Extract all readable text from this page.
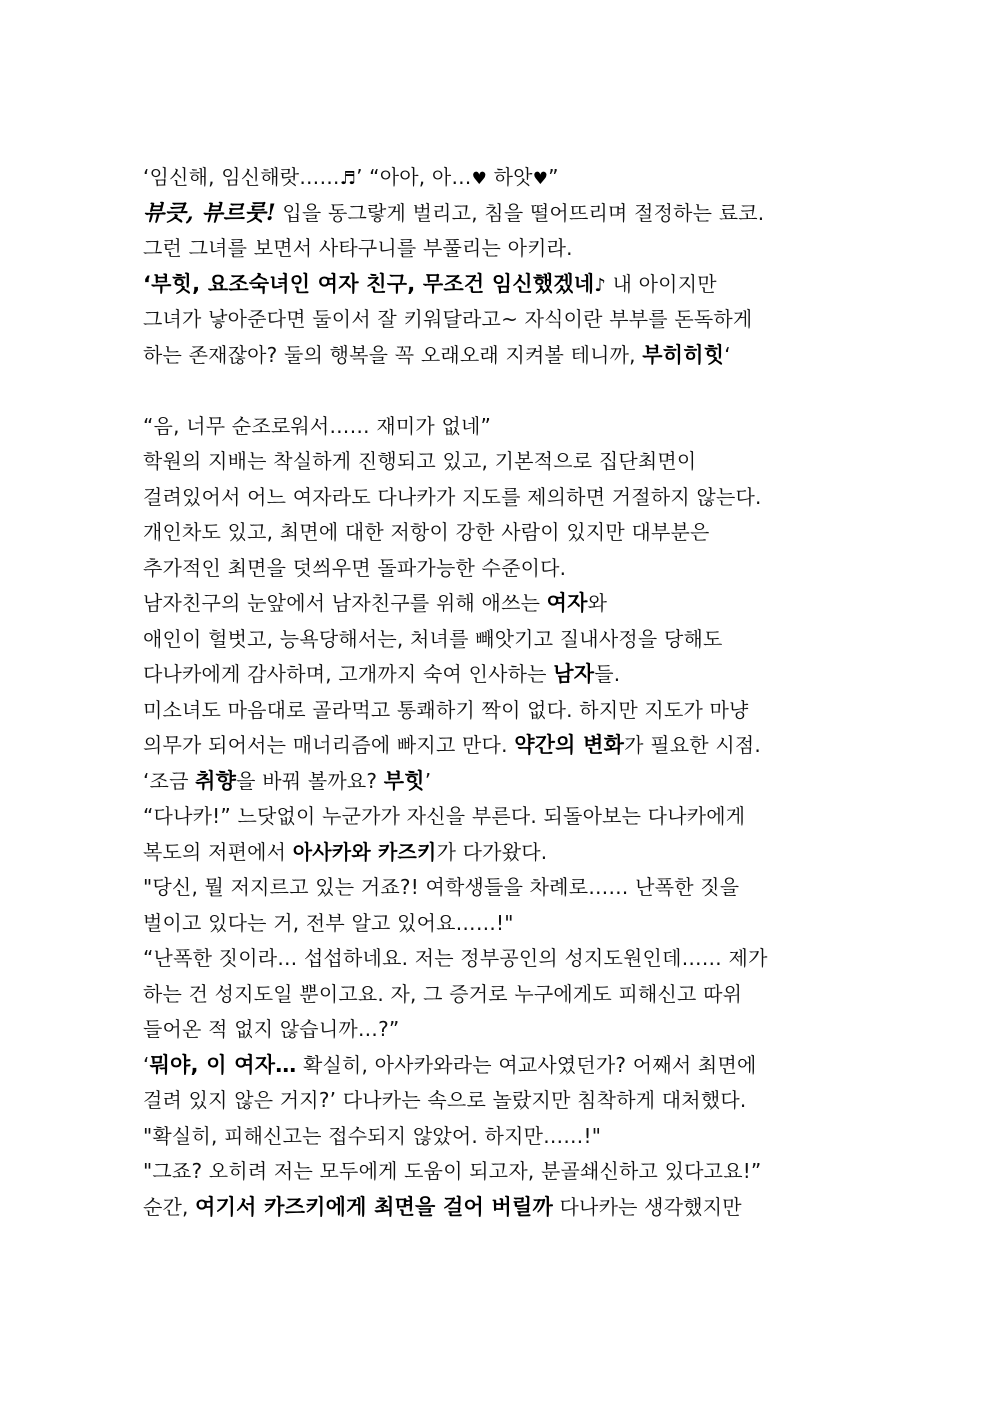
‘임신해, 임신해랏……♬’ “아아, 아…♥ 하앗♥”
뷰큿, 뷰르룻! 입을 동그랗게 벌리고, 침을 떨어뜨리며 절정하는 료코.
그런 그녀를 보면서 사타구니를 부풀리는 아키라.
‘부힛, 요조숙녀인 여자 친구, 무조건 임신했겠네♪ 내 아이지만
그녀가 낳아준다면 둘이서 잘 키워달라고~ 자식이란 부부를 돈독하게
하는 존재잖아? 둘의 행복을 꼭 오래오래 지켜볼 테니까, 부히히힛‘
“음, 너무 순조로워서…… 재미가 없네”
학원의 지배는 착실하게 진행되고 있고, 기본적으로 집단최면이
걸려있어서 어느 여자라도 다나카가 지도를 제의하면 거절하지 않는다.
개인차도 있고, 최면에 대한 저항이 강한 사람이 있지만 대부분은
추가적인 최면을 덧씌우면 돌파가능한 수준이다.
남자친구의 눈앞에서 남자친구를 위해 애쓰는 여자와
애인이 헐벗고, 능욕당해서는, 처녀를 빼앗기고 질내사정을 당해도
다나카에게 감사하며, 고개까지 숙여 인사하는 남자들.
미소녀도 마음대로 골라먹고 통쾌하기 짝이 없다. 하지만 지도가 마냥
의무가 되어서는 매너리즘에 빠지고 만다. 약간의 변화가 필요한 시점.
‘조금 취향을 바꿔 볼까요? 부힛’
“다나카!” 느닷없이 누군가가 자신을 부른다. 되돌아보는 다나카에게
복도의 저편에서 아사카와 카즈키가 다가왔다.
"당신, 뭘 저지르고 있는 거죠?! 여학생들을 차례로…… 난폭한 짓을
벌이고 있다는 거, 전부 알고 있어요……!"
“난폭한 짓이라… 섭섭하네요. 저는 정부공인의 성지도원인데…… 제가
하는 건 성지도일 뿐이고요. 자, 그 증거로 누구에게도 피해신고 따위
들어온 적 없지 않습니까…?”
‘뭐야, 이 여자… 확실히, 아사카와라는 여교사였던가? 어째서 최면에
걸려 있지 않은 거지?’ 다나카는 속으로 놀랐지만 침착하게 대처했다.
"확실히, 피해신고는 접수되지 않았어. 하지만……!"
"그죠? 오히려 저는 모두에게 도움이 되고자, 분골쇄신하고 있다고요!”
순간, 여기서 카즈키에게 최면을 걸어 버릴까 다나카는 생각했지만
